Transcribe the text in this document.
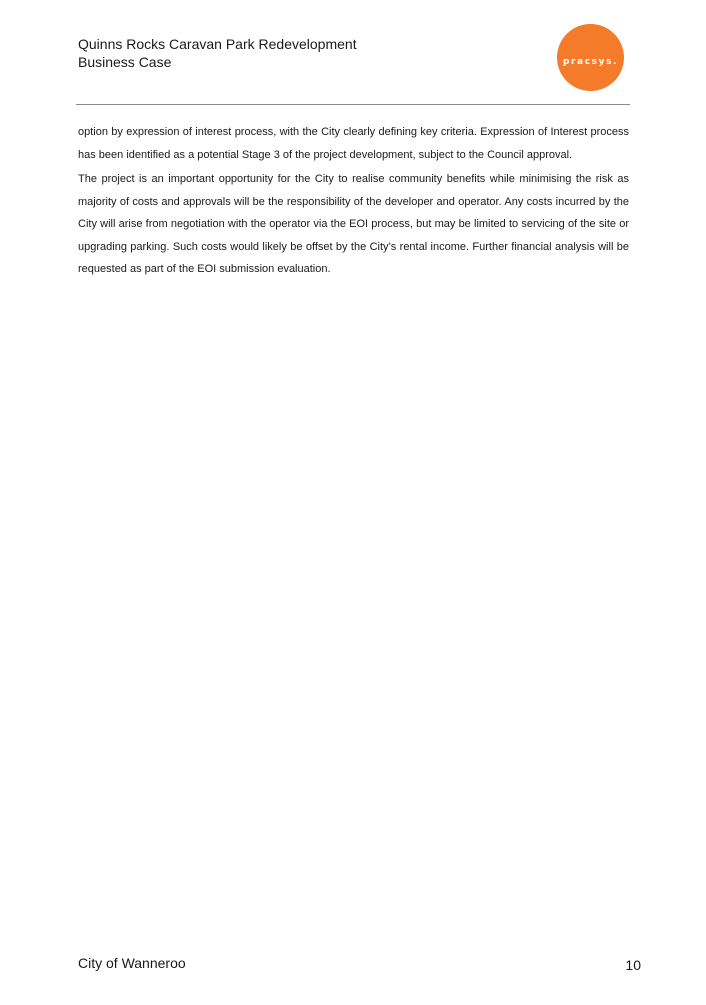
Quinns Rocks Caravan Park Redevelopment
Business Case	pracsys.

option by expression of interest process, with the City clearly defining key criteria. Expression of Interest process has been identified as a potential Stage 3 of the project development, subject to the Council approval.

The project is an important opportunity for the City to realise community benefits while minimising the risk as majority of costs and approvals will be the responsibility of the developer and operator. Any costs incurred by the City will arise from negotiation with the operator via the EOI process, but may be limited to servicing of the site or upgrading parking. Such costs would likely be offset by the City’s rental income. Further financial analysis will be requested as part of the EOI submission evaluation.

City of Wanneroo	10
